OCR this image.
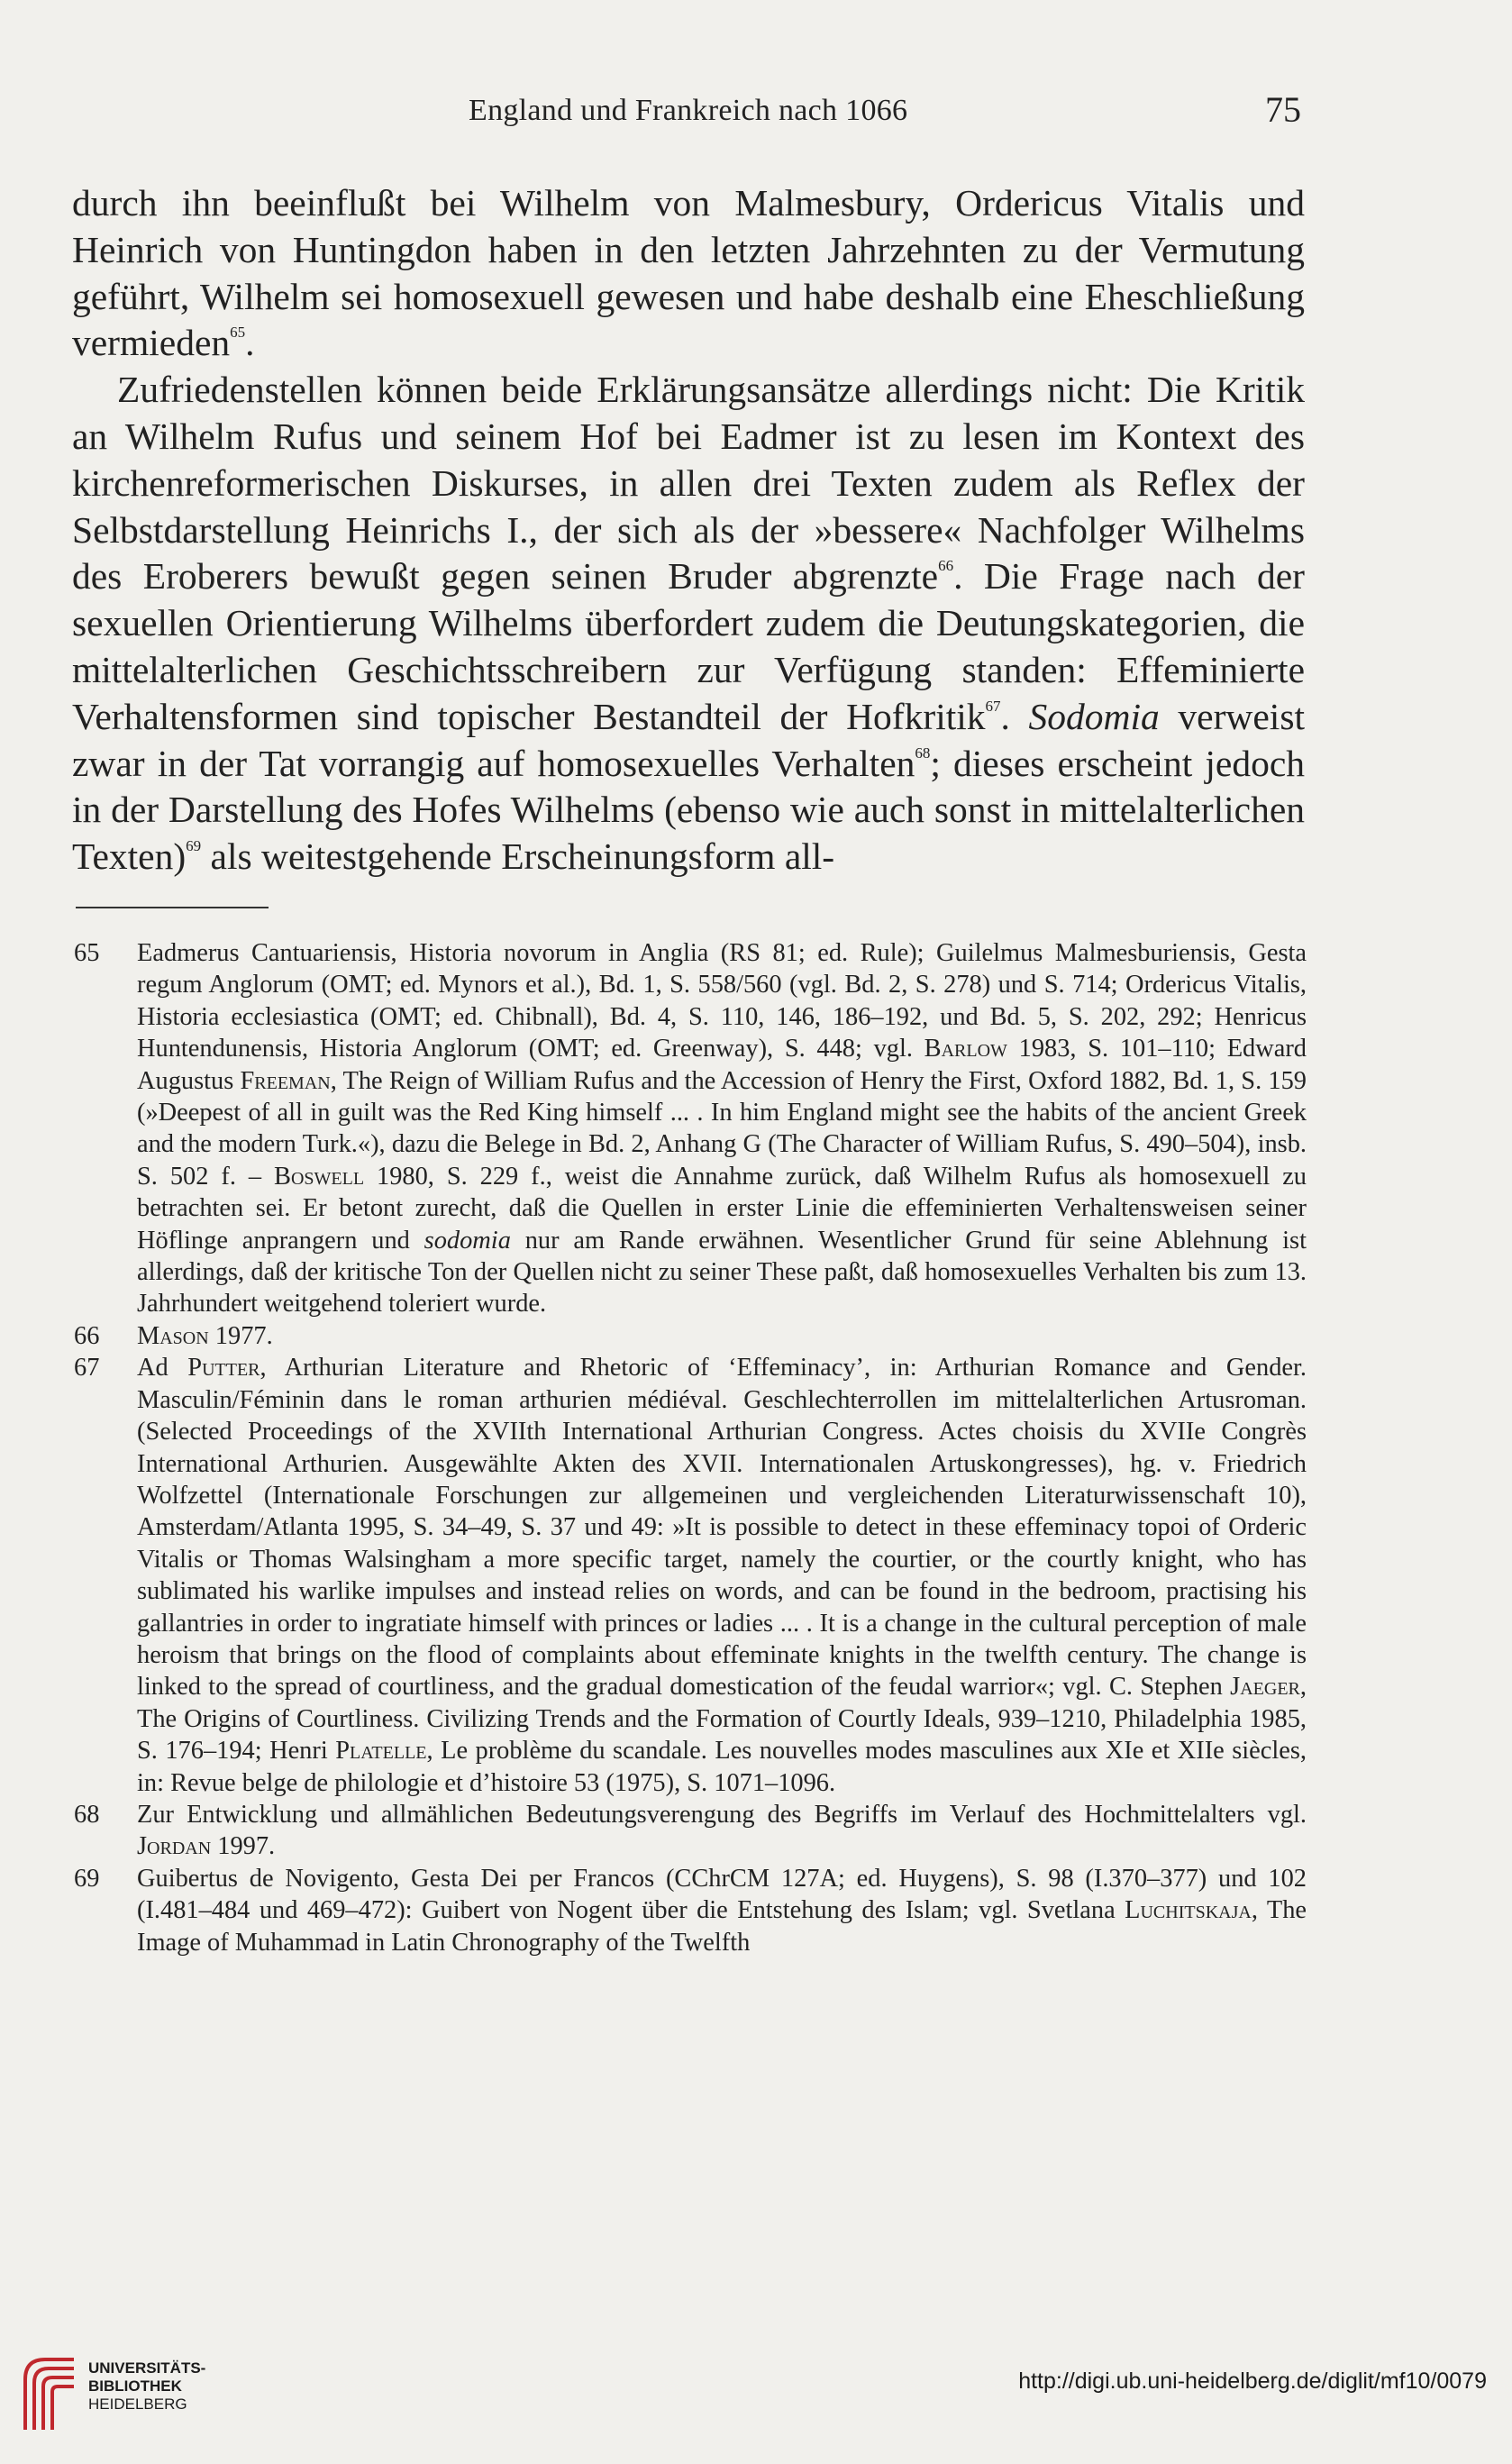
England und Frankreich nach 1066	75

durch ihn beeinflußt bei Wilhelm von Malmesbury, Ordericus Vitalis und Heinrich von Huntingdon haben in den letzten Jahrzehnten zu der Vermutung geführt, Wilhelm sei homosexuell gewesen und habe deshalb eine Eheschließung vermieden$^{65}$.

Zufriedenstellen können beide Erklärungsansätze allerdings nicht: Die Kritik an Wilhelm Rufus und seinem Hof bei Eadmer ist zu lesen im Kontext des kirchenreformerischen Diskurses, in allen drei Texten zudem als Reflex der Selbstdarstellung Heinrichs I., der sich als der »bessere« Nachfolger Wilhelms des Eroberers bewußt gegen seinen Bruder abgrenzte$^{66}$. Die Frage nach der sexuellen Orientierung Wilhelms überfordert zudem die Deutungskategorien, die mittelalterlichen Geschichtsschreibern zur Verfügung standen: Effeminierte Verhaltensformen sind topischer Bestandteil der Hofkritik$^{67}$. Sodomia verweist zwar in der Tat vorrangig auf homosexuelles Verhalten$^{68}$; dieses erscheint jedoch in der Darstellung des Hofes Wilhelms (ebenso wie auch sonst in mittelalterlichen Texten)$^{69}$ als weitestgehende Erscheinungsform all-

65 Eadmerus Cantuariensis, Historia novorum in Anglia (RS 81; ed. Rule); Guilelmus Malmesburiensis, Gesta regum Anglorum (OMT; ed. Mynors et al.), Bd. 1, S. 558/560 (vgl. Bd. 2, S. 278) und S. 714; Ordericus Vitalis, Historia ecclesiastica (OMT; ed. Chibnall), Bd. 4, S. 110, 146, 186–192, und Bd. 5, S. 202, 292; Henricus Huntendunensis, Historia Anglorum (OMT; ed. Greenway), S. 448; vgl. Barlow 1983, S. 101–110; Edward Augustus Freeman, The Reign of William Rufus and the Accession of Henry the First, Oxford 1882, Bd. 1, S. 159 (»Deepest of all in guilt was the Red King himself ... . In him England might see the habits of the ancient Greek and the modern Turk.«), dazu die Belege in Bd. 2, Anhang G (The Character of William Rufus, S. 490–504), insb. S. 502 f. – Boswell 1980, S. 229 f., weist die Annahme zurück, daß Wilhelm Rufus als homosexuell zu betrachten sei. Er betont zurecht, daß die Quellen in erster Linie die effeminierten Verhaltensweisen seiner Höflinge anprangern und sodomia nur am Rande erwähnen. Wesentlicher Grund für seine Ablehnung ist allerdings, daß der kritische Ton der Quellen nicht zu seiner These paßt, daß homosexuelles Verhalten bis zum 13. Jahrhundert weitgehend toleriert wurde.
66 Mason 1977.
67 Ad Putter, Arthurian Literature and Rhetoric of ‘Effeminacy’, in: Arthurian Romance and Gender. Masculin/Féminin dans le roman arthurien médiéval. Geschlechterrollen im mittelalterlichen Artusroman. (Selected Proceedings of the XVIIth International Arthurian Congress. Actes choisis du XVIIe Congrès International Arthurien. Ausgewählte Akten des XVII. Internationalen Artuskongresses), hg. v. Friedrich Wolfzettel (Internationale Forschungen zur allgemeinen und vergleichenden Literaturwissenschaft 10), Amsterdam/Atlanta 1995, S. 34–49, S. 37 und 49: »It is possible to detect in these effeminacy topoi of Orderic Vitalis or Thomas Walsingham a more specific target, namely the courtier, or the courtly knight, who has sublimated his warlike impulses and instead relies on words, and can be found in the bedroom, practising his gallantries in order to ingratiate himself with princes or ladies ... . It is a change in the cultural perception of male heroism that brings on the flood of complaints about effeminate knights in the twelfth century. The change is linked to the spread of courtliness, and the gradual domestication of the feudal warrior«; vgl. C. Stephen Jaeger, The Origins of Courtliness. Civilizing Trends and the Formation of Courtly Ideals, 939–1210, Philadelphia 1985, S. 176–194; Henri Platelle, Le problème du scandale. Les nouvelles modes masculines aux XIe et XIIe siècles, in: Revue belge de philologie et d’histoire 53 (1975), S. 1071–1096.
68 Zur Entwicklung und allmählichen Bedeutungsverengung des Begriffs im Verlauf des Hochmittelalters vgl. Jordan 1997.
69 Guibertus de Novigento, Gesta Dei per Francos (CChrCM 127A; ed. Huygens), S. 98 (I.370–377) und 102 (I.481–484 und 469–472): Guibert von Nogent über die Entstehung des Islam; vgl. Svetlana Luchitskaja, The Image of Muhammad in Latin Chronography of the Twelfth
UNIVERSITÄTS-
BIBLIOTHEK
HEIDELBERG
http://digi.ub.uni-heidelberg.de/diglit/mf10/0079
